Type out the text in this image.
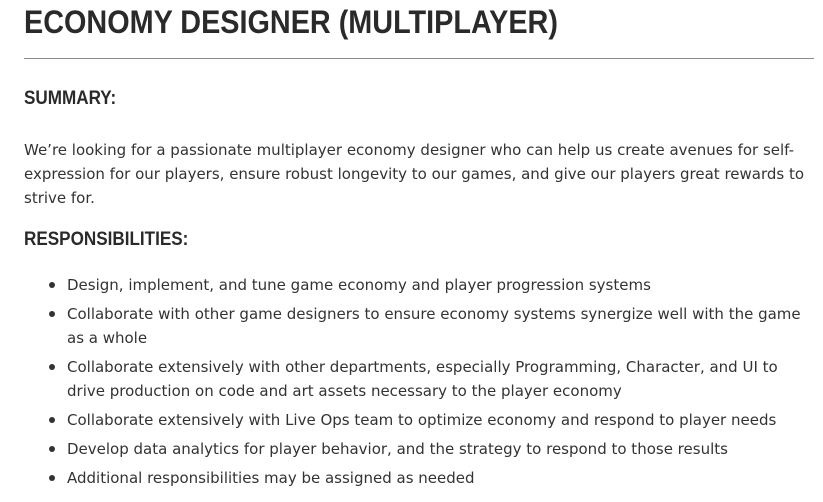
ECONOMY DESIGNER (MULTIPLAYER)
SUMMARY:

We’re looking for a passionate multiplayer economy designer who can help us create avenues for self-expression for our players, ensure robust longevity to our games, and give our players great rewards to strive for.

RESPONSIBILITIES:
Design, implement, and tune game economy and player progression systems
Collaborate with other game designers to ensure economy systems synergize well with the game as a whole
Collaborate extensively with other departments, especially Programming, Character, and UI to drive production on code and art assets necessary to the player economy
Collaborate extensively with Live Ops team to optimize economy and respond to player needs
Develop data analytics for player behavior, and the strategy to respond to those results
Additional responsibilities may be assigned as needed
